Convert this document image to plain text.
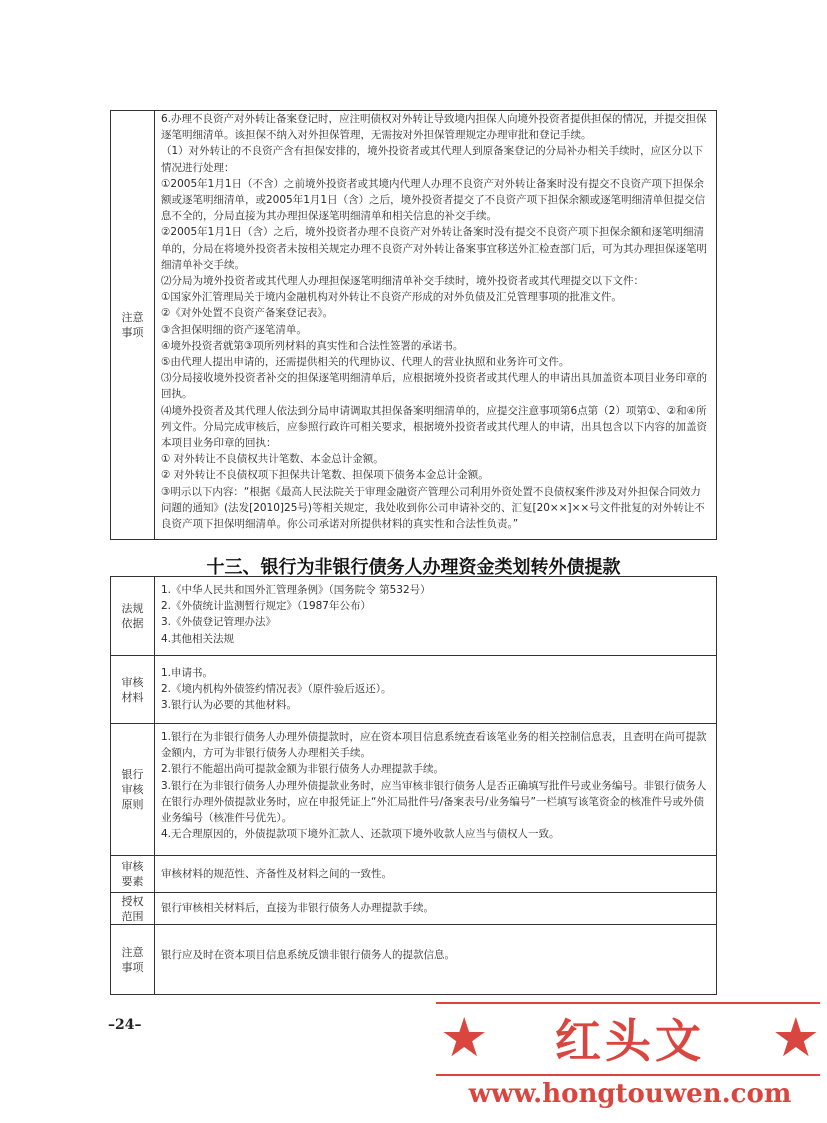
注意事项
6.办理不良资产对外转让备案登记时，应注明债权对外转让导致境内担保人向境外投资者提供担保的情况，并提交担保逐笔明细清单。该担保不纳入对外担保管理，无需按对外担保管理规定办理审批和登记手续。
（1）对外转让的不良资产含有担保安排的，境外投资者或其代理人到原备案登记的分局补办相关手续时，应区分以下情况进行处理：
①2005年1月1日（不含）之前境外投资者或其境内代理人办理不良资产对外转让备案时没有提交不良资产项下担保余额或逐笔明细清单，或2005年1月1日（含）之后，境外投资者提交了不良资产项下担保余额或逐笔明细清单但提交信息不全的，分局直接为其办理担保逐笔明细清单和相关信息的补交手续。
②2005年1月1日（含）之后，境外投资者办理不良资产对外转让备案时没有提交不良资产项下担保余额和逐笔明细清单的，分局在将境外投资者未按相关规定办理不良资产对外转让备案事宜移送外汇检查部门后，可为其办理担保逐笔明细清单补交手续。
⑵分局为境外投资者或其代理人办理担保逐笔明细清单补交手续时，境外投资者或其代理提交以下文件：
①国家外汇管理局关于境内金融机构对外转让不良资产形成的对外负债及汇兑管理事项的批准文件。
②《对外处置不良资产备案登记表》。
③含担保明细的资产逐笔清单。
④境外投资者就第③项所列材料的真实性和合法性签署的承诺书。
⑤由代理人提出申请的，还需提供相关的代理协议、代理人的营业执照和业务许可文件。
⑶分局接收境外投资者补交的担保逐笔明细清单后，应根据境外投资者或其代理人的申请出具加盖资本项目业务印章的回执。
⑷境外投资者及其代理人依法到分局申请调取其担保备案明细清单的，应提交注意事项第6点第（2）项第①、②和④所列文件。分局完成审核后，应参照行政许可相关要求，根据境外投资者或其代理人的申请，出具包含以下内容的加盖资本项目业务印章的回执：
① 对外转让不良债权共计笔数、本金总计金额。
② 对外转让不良债权项下担保共计笔数、担保项下债务本金总计金额。
③明示以下内容：“根据《最高人民法院关于审理金融资产管理公司利用外资处置不良债权案件涉及对外担保合同效力问题的通知》(法发[2010]25号)等相关规定，我处收到你公司申请补交的、汇复[20××]××号文件批复的对外转让不良资产项下担保明细清单。你公司承诺对所提供材料的真实性和合法性负责。”
十三、银行为非银行债务人办理资金类划转外债提款
法规依据
1.《中华人民共和国外汇管理条例》（国务院令 第532号）
2.《外债统计监测暂行规定》（1987年公布）
3.《外债登记管理办法》
4.其他相关法规
审核材料
1.申请书。
2.《境内机构外债签约情况表》（原件验后返还）。
3.银行认为必要的其他材料。
银行审核原则
1.银行在为非银行债务人办理外债提款时，应在资本项目信息系统查看该笔业务的相关控制信息表，且查明在尚可提款金额内，方可为非银行债务人办理相关手续。
2.银行不能超出尚可提款金额为非银行债务人办理提款手续。
3.银行在为非银行债务人办理外债提款业务时，应当审核非银行债务人是否正确填写批件号或业务编号。非银行债务人在银行办理外债提款业务时，应在申报凭证上“外汇局批件号/备案表号/业务编号”一栏填写该笔资金的核准件号或外债业务编号（核准件号优先）。
4.无合理原因的，外债提款项下境外汇款人、还款项下境外收款人应当与债权人一致。
审核要素
审核材料的规范性、齐备性及材料之间的一致性。
授权范围
银行审核相关材料后，直接为非银行债务人办理提款手续。
注意事项
银行应及时在资本项目信息系统反馈非银行债务人的提款信息。
–24–	★ 红头文 ★
www.hongtouwen.com
